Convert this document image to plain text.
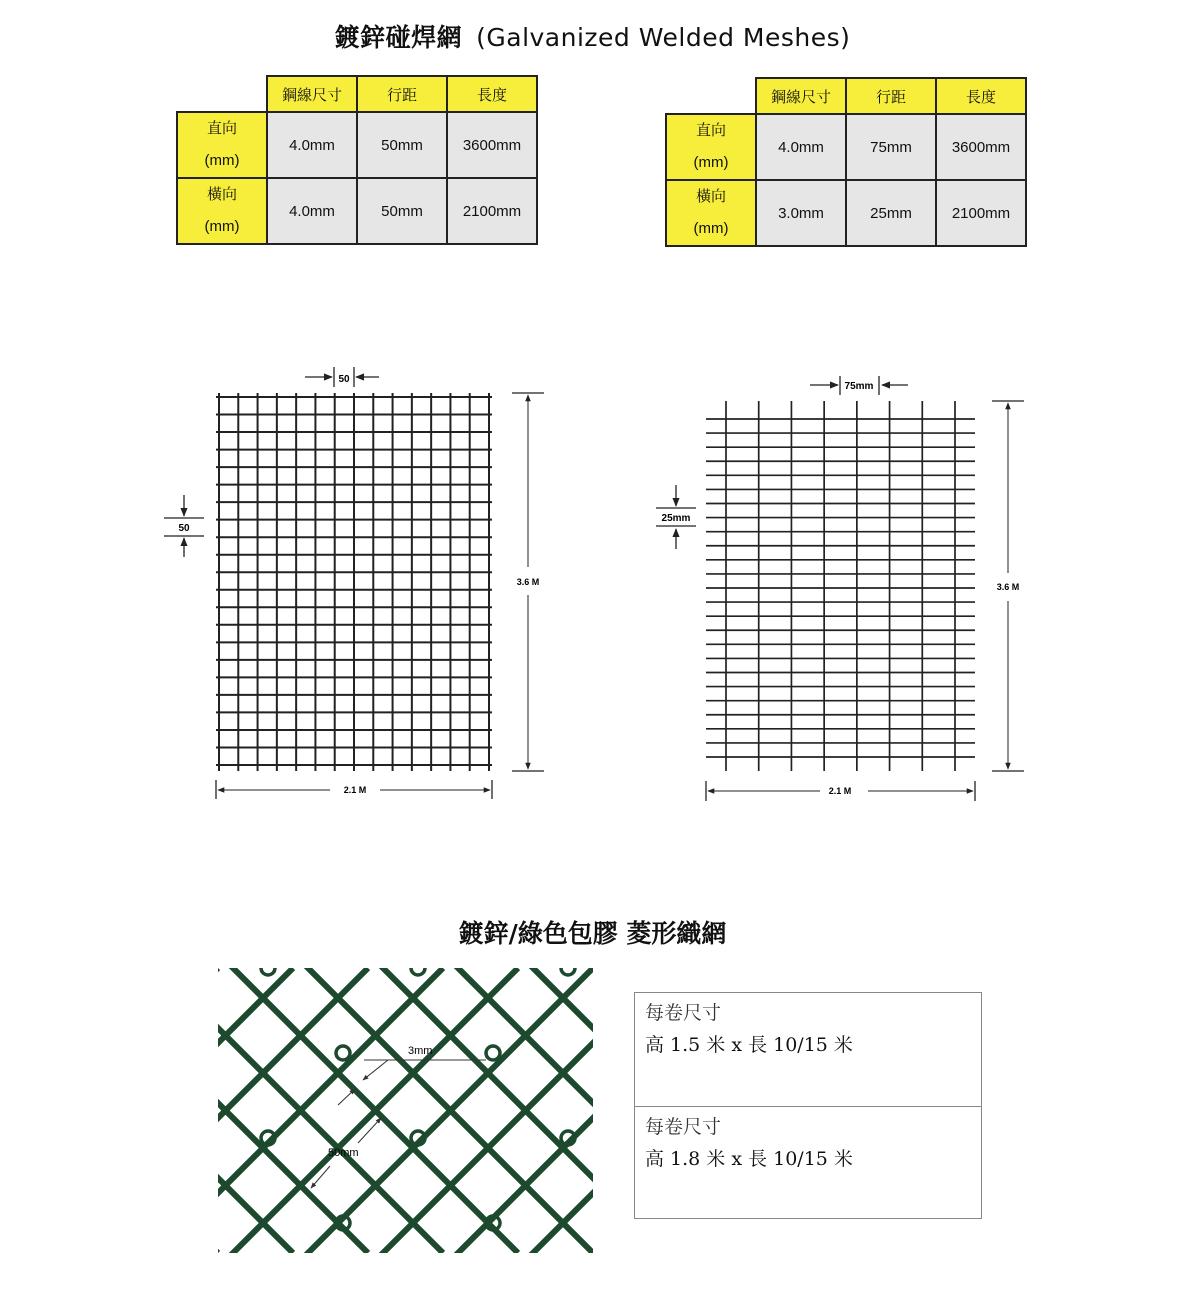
鍍鋅碰焊網 (Galvanized Welded Meshes)
	鋼線尺寸	行距	長度
直向
(mm)	4.0mm	50mm	3600mm
橫向
(mm)	4.0mm	50mm	2100mm
	鋼線尺寸	行距	長度
直向
(mm)	4.0mm	75mm	3600mm
橫向
(mm)	3.0mm	25mm	2100mm
50
50
3.6 M
2.1 M
75mm
25mm
3.6 M
2.1 M
鍍鋅/綠色包膠 菱形織網
3mm
50mm
每卷尺寸
高 1.5 米 x 長 10/15 米
每卷尺寸
高 1.8 米 x 長 10/15 米
